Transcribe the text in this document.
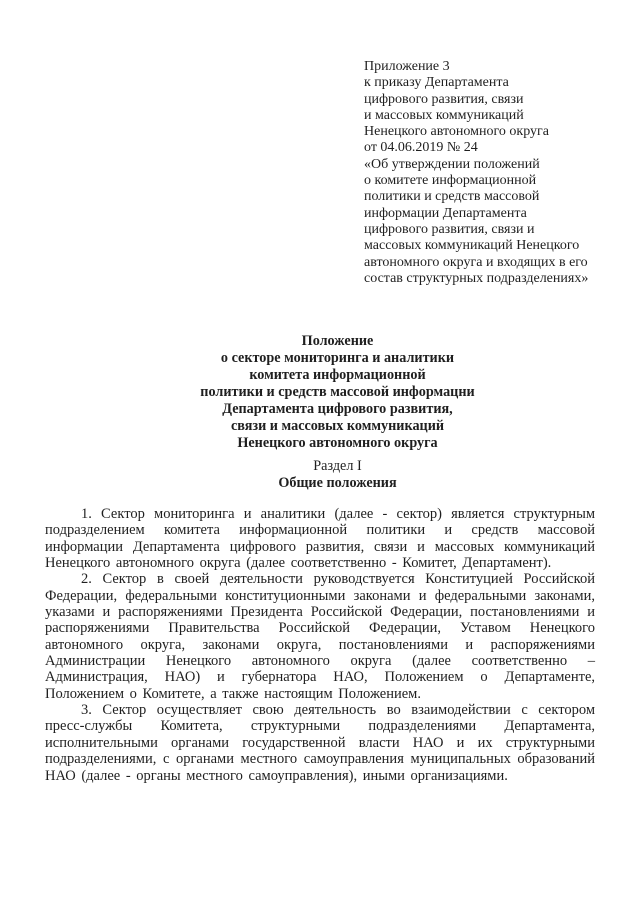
Приложение 3
к приказу Департамента
цифрового развития, связи
и массовых коммуникаций
Ненецкого автономного округа
от 04.06.2019 № 24
«Об утверждении положений
о комитете информационной
политики и средств массовой
информации Департамента
цифрового развития, связи и
массовых коммуникаций Ненецкого
автономного округа и входящих в его
состав структурных подразделениях»
Положение
о секторе мониторинга и аналитики
комитета информационной
политики и средств массовой информацни
Департамента цифрового развития,
связи и массовых коммуникаций
Ненецкого автономного округа
Раздел I
Общие положения

1. Сектор мониторинга и аналитики (далее - сектор) является структурным подразделением комитета информационной политики и средств массовой информации Департамента цифрового развития, связи и массовых коммуникаций Ненецкого автономного округа (далее соответственно - Комитет, Департамент).

2. Сектор в своей деятельности руководствуется Конституцией Российской Федерации, федеральными конституционными законами и федеральными законами, указами и распоряжениями Президента Российской Федерации, постановлениями и распоряжениями Правительства Российской Федерации, Уставом Ненецкого автономного округа, законами округа, постановлениями и распоряжениями Администрации Ненецкого автономного округа (далее соответственно – Администрация, НАО) и губернатора НАО, Положением о Департаменте, Положением о Комитете, а также настоящим Положением.

3. Сектор осуществляет свою деятельность во взаимодействии с сектором пресс-службы Комитета, структурными подразделениями Департамента, исполнительными органами государственной власти НАО и их структурными подразделениями, с органами местного самоуправления муниципальных образований НАО (далее - органы местного самоуправления), иными организациями.
